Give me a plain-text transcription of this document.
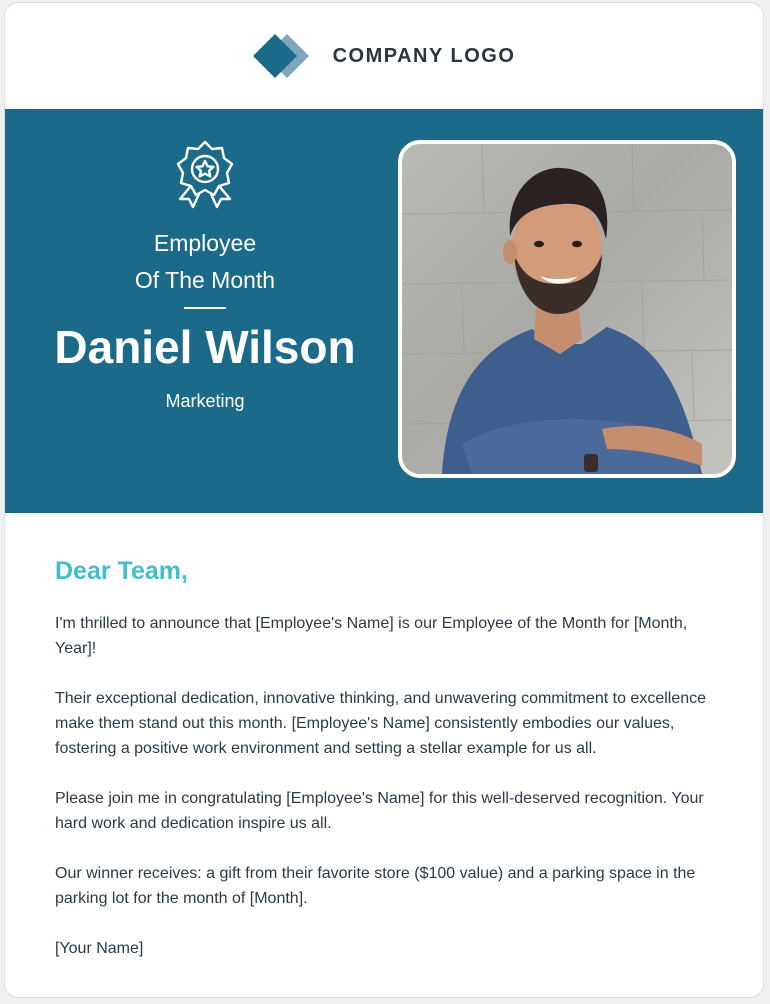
COMPANY LOGO
Employee
Of The Month
Daniel Wilson
Marketing

Dear Team,

I'm thrilled to announce that [Employee's Name] is our Employee of the Month for [Month, Year]!

Their exceptional dedication, innovative thinking, and unwavering commitment to excellence make them stand out this month. [Employee's Name] consistently embodies our values, fostering a positive work environment and setting a stellar example for us all.

Please join me in congratulating [Employee's Name] for this well-deserved recognition. Your hard work and dedication inspire us all.

Our winner receives: a gift from their favorite store ($100 value) and a parking space in the parking lot for the month of [Month].

[Your Name]
